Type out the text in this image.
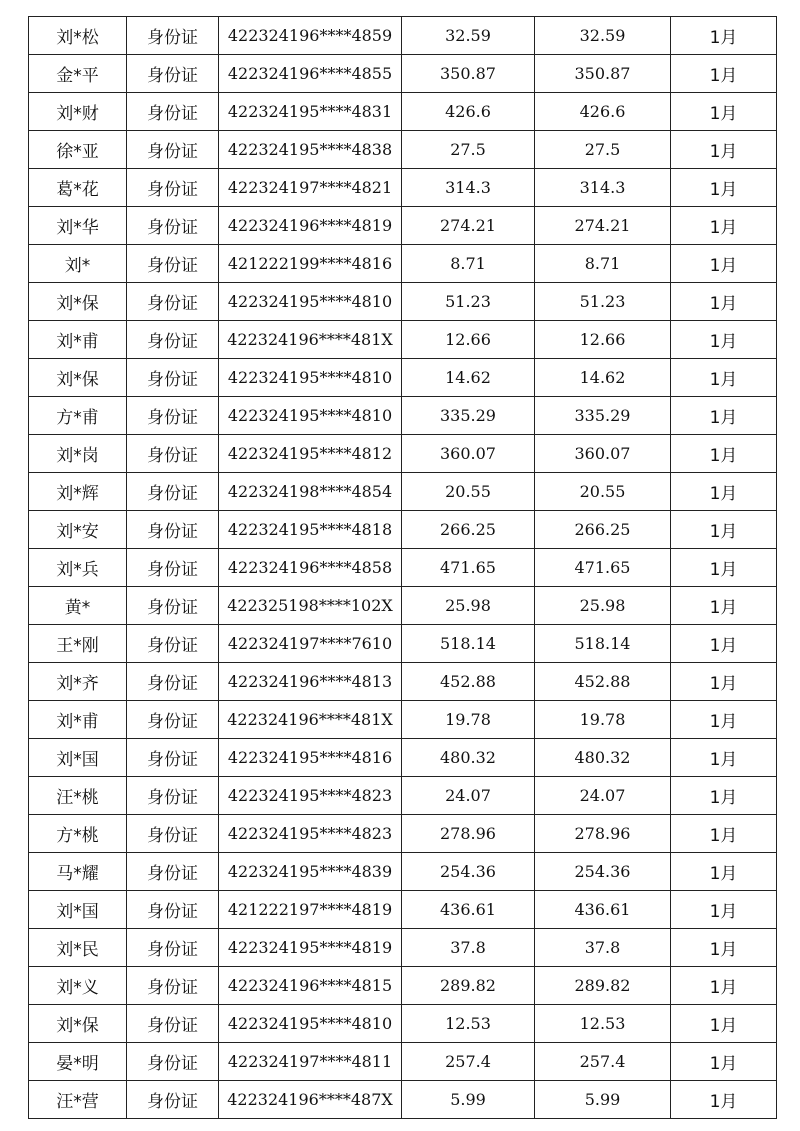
刘*松	身份证	422324196****4859	32.59	32.59	1月
金*平	身份证	422324196****4855	350.87	350.87	1月
刘*财	身份证	422324195****4831	426.6	426.6	1月
徐*亚	身份证	422324195****4838	27.5	27.5	1月
葛*花	身份证	422324197****4821	314.3	314.3	1月
刘*华	身份证	422324196****4819	274.21	274.21	1月
刘*	身份证	421222199****4816	8.71	8.71	1月
刘*保	身份证	422324195****4810	51.23	51.23	1月
刘*甫	身份证	422324196****481X	12.66	12.66	1月
刘*保	身份证	422324195****4810	14.62	14.62	1月
方*甫	身份证	422324195****4810	335.29	335.29	1月
刘*岗	身份证	422324195****4812	360.07	360.07	1月
刘*辉	身份证	422324198****4854	20.55	20.55	1月
刘*安	身份证	422324195****4818	266.25	266.25	1月
刘*兵	身份证	422324196****4858	471.65	471.65	1月
黄*	身份证	422325198****102X	25.98	25.98	1月
王*刚	身份证	422324197****7610	518.14	518.14	1月
刘*齐	身份证	422324196****4813	452.88	452.88	1月
刘*甫	身份证	422324196****481X	19.78	19.78	1月
刘*国	身份证	422324195****4816	480.32	480.32	1月
汪*桃	身份证	422324195****4823	24.07	24.07	1月
方*桃	身份证	422324195****4823	278.96	278.96	1月
马*耀	身份证	422324195****4839	254.36	254.36	1月
刘*国	身份证	421222197****4819	436.61	436.61	1月
刘*民	身份证	422324195****4819	37.8	37.8	1月
刘*义	身份证	422324196****4815	289.82	289.82	1月
刘*保	身份证	422324195****4810	12.53	12.53	1月
晏*明	身份证	422324197****4811	257.4	257.4	1月
汪*营	身份证	422324196****487X	5.99	5.99	1月
